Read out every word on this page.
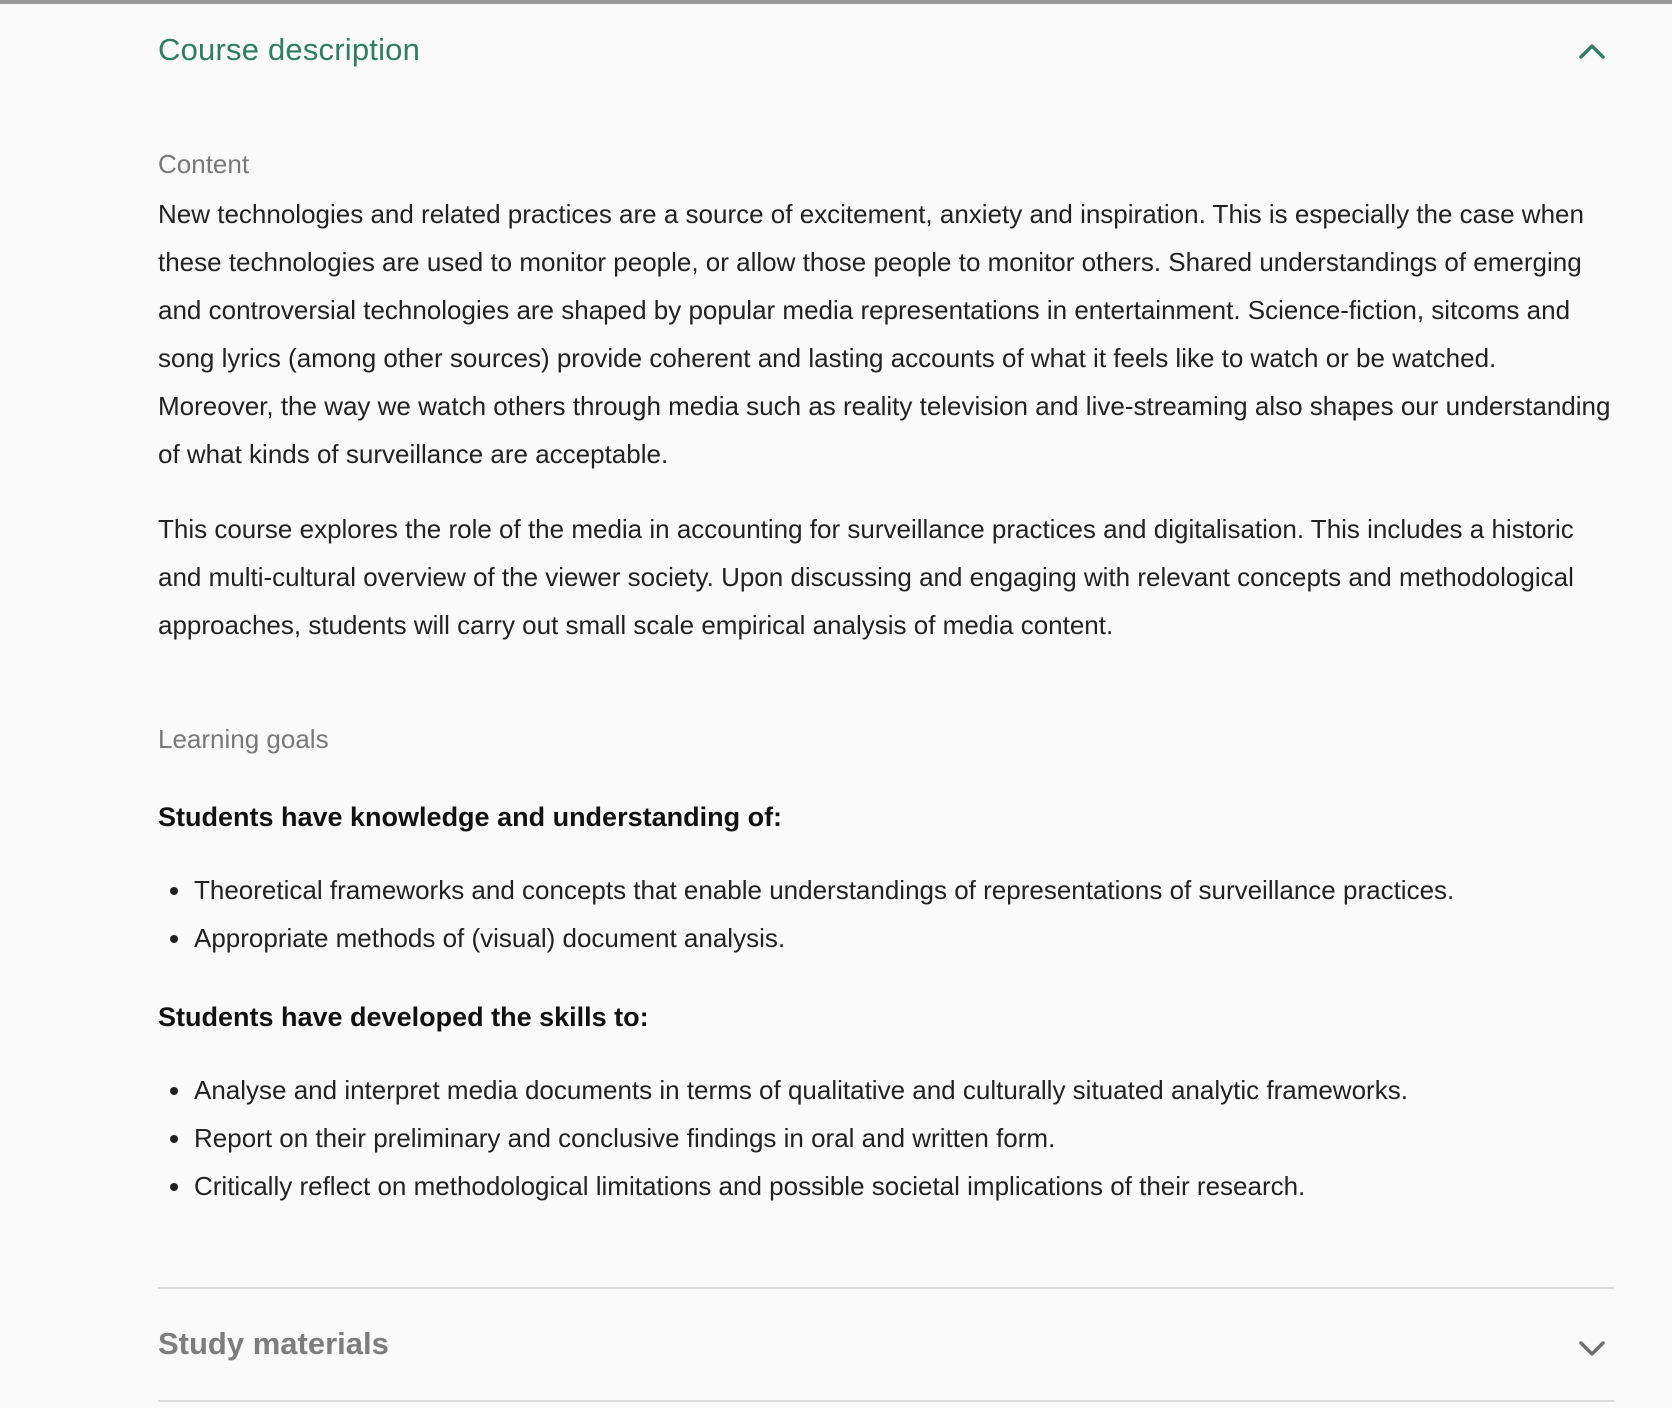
Course description
Content

New technologies and related practices are a source of excitement, anxiety and inspiration. This is especially the case when these technologies are used to monitor people, or allow those people to monitor others. Shared understandings of emerging and controversial technologies are shaped by popular media representations in entertainment. Science-fiction, sitcoms and song lyrics (among other sources) provide coherent and lasting accounts of what it feels like to watch or be watched. Moreover, the way we watch others through media such as reality television and live-streaming also shapes our understanding of what kinds of surveillance are acceptable.

This course explores the role of the media in accounting for surveillance practices and digitalisation. This includes a historic and multi-cultural overview of the viewer society. Upon discussing and engaging with relevant concepts and methodological approaches, students will carry out small scale empirical analysis of media content.

Learning goals

Students have knowledge and understanding of:

Theoretical frameworks and concepts that enable understandings of representations of surveillance practices.
Appropriate methods of (visual) document analysis.

Students have developed the skills to:

Analyse and interpret media documents in terms of qualitative and culturally situated analytic frameworks.
Report on their preliminary and conclusive findings in oral and written form.
Critically reflect on methodological limitations and possible societal implications of their research.
Study materials
